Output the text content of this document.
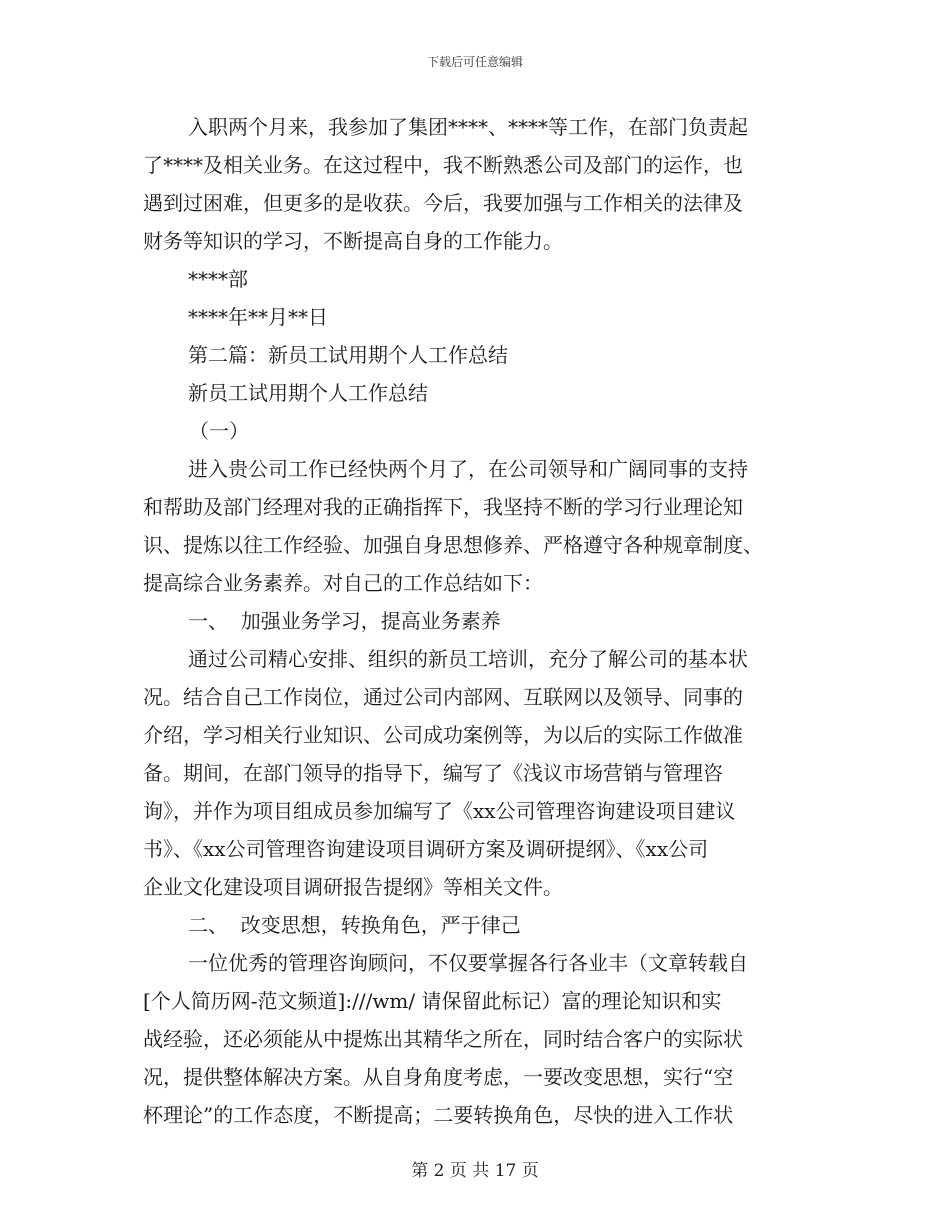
下载后可任意编辑
入职两个月来，我参加了集团****、****等工作，在部门负责起
了****及相关业务。在这过程中，我不断熟悉公司及部门的运作，也
遇到过困难，但更多的是收获。今后，我要加强与工作相关的法律及
财务等知识的学习，不断提高自身的工作能力。
****部
****年**月**日
第二篇：新员工试用期个人工作总结
新员工试用期个人工作总结
（一）
进入贵公司工作已经快两个月了，在公司领导和广阔同事的支持
和帮助及部门经理对我的正确指挥下，我坚持不断的学习行业理论知
识、提炼以往工作经验、加强自身思想修养、严格遵守各种规章制度、
提高综合业务素养。对自己的工作总结如下：
一、  加强业务学习，提高业务素养
通过公司精心安排、组织的新员工培训，充分了解公司的基本状
况。结合自己工作岗位，通过公司内部网、互联网以及领导、同事的
介绍，学习相关行业知识、公司成功案例等，为以后的实际工作做准
备。期间，在部门领导的指导下，编写了《浅议市场营销与管理咨
询》，并作为项目组成员参加编写了《xx公司管理咨询建设项目建议
书》、《xx公司管理咨询建设项目调研方案及调研提纲》、《xx公司
企业文化建设项目调研报告提纲》等相关文件。
二、  改变思想，转换角色，严于律己
一位优秀的管理咨询顾问，不仅要掌握各行各业丰（文章转载自
[个人简历网-范文频道]:///wm/ 请保留此标记）富的理论知识和实
战经验，还必须能从中提炼出其精华之所在，同时结合客户的实际状
况，提供整体解决方案。从自身角度考虑，一要改变思想，实行“空
杯理论”的工作态度，不断提高；二要转换角色，尽快的进入工作状
第 2 页 共 17 页
